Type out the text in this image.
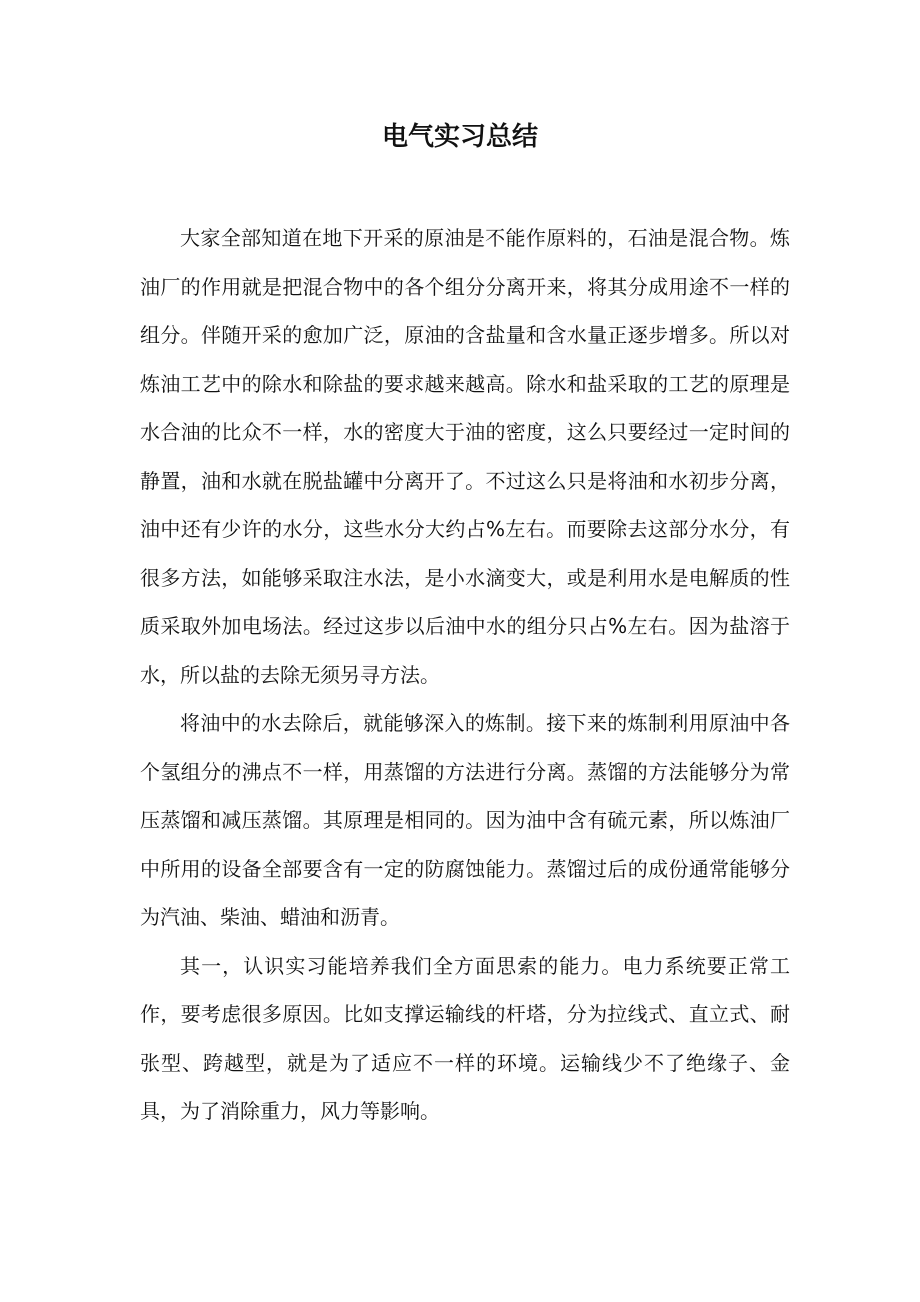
电气实习总结

大家全部知道在地下开采的原油是不能作原料的，石油是混合物。炼油厂的作用就是把混合物中的各个组分分离开来，将其分成用途不一样的组分。伴随开采的愈加广泛，原油的含盐量和含水量正逐步增多。所以对炼油工艺中的除水和除盐的要求越来越高。除水和盐采取的工艺的原理是水合油的比众不一样，水的密度大于油的密度，这么只要经过一定时间的静置，油和水就在脱盐罐中分离开了。不过这么只是将油和水初步分离，油中还有少许的水分，这些水分大约占%左右。而要除去这部分水分，有很多方法，如能够采取注水法，是小水滴变大，或是利用水是电解质的性质采取外加电场法。经过这步以后油中水的组分只占%左右。因为盐溶于水，所以盐的去除无须另寻方法。

将油中的水去除后，就能够深入的炼制。接下来的炼制利用原油中各个氢组分的沸点不一样，用蒸馏的方法进行分离。蒸馏的方法能够分为常压蒸馏和减压蒸馏。其原理是相同的。因为油中含有硫元素，所以炼油厂中所用的设备全部要含有一定的防腐蚀能力。蒸馏过后的成份通常能够分为汽油、柴油、蜡油和沥青。

其一，认识实习能培养我们全方面思索的能力。电力系统要正常工作，要考虑很多原因。比如支撑运输线的杆塔，分为拉线式、直立式、耐张型、跨越型，就是为了适应不一样的环境。运输线少不了绝缘子、金具，为了消除重力，风力等影响。
